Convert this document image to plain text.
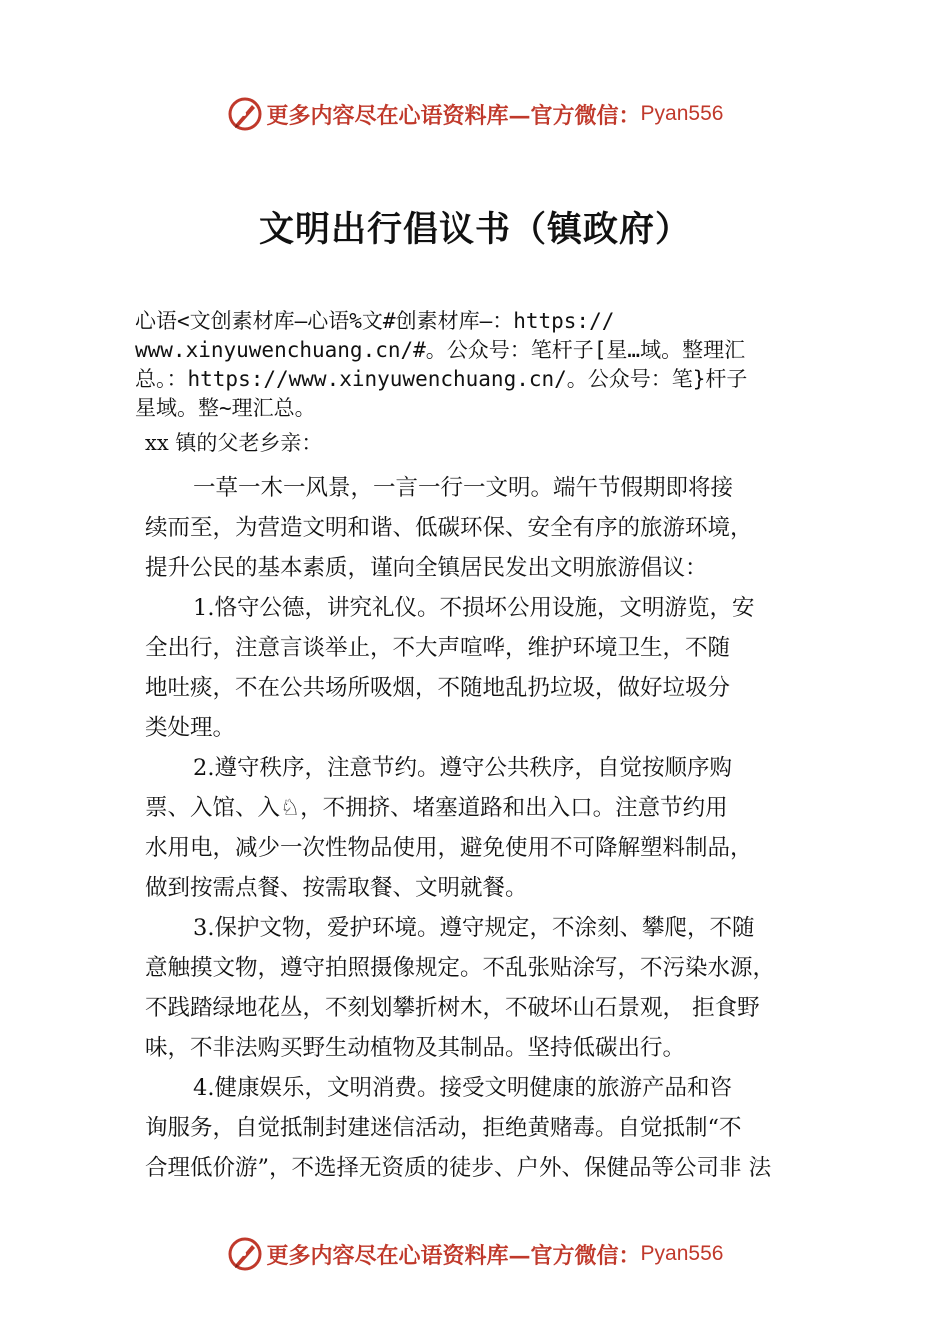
更多内容尽在心语资料库—官方微信： Pyan556
文明出行倡议书（镇政府）
心语<文创素材库—心语%文#创素材库—：https://
www.xinyuwenchuang.cn/#。公众号：笔杆子[星…域。整理汇
总。：https://www.xinyuwenchuang.cn/。公众号：笔}杆子
星域。整~理汇总。
xx 镇的父老乡亲：
一草一木一风景，一言一行一文明。端午节假期即将接
续而至，为营造文明和谐、低碳环保、安全有序的旅游环境，
提升公民的基本素质，谨向全镇居民发出文明旅游倡议：
1.恪守公德，讲究礼仪。不损坏公用设施，文明游览，安
全出行，注意言谈举止，不大声喧哗，维护环境卫生，不随
地吐痰，不在公共场所吸烟，不随地乱扔垃圾，做好垃圾分
类处理。
2.遵守秩序，注意节约。遵守公共秩序，自觉按顺序购
票、入馆、入♘，不拥挤、堵塞道路和出入口。注意节约用
水用电，减少一次性物品使用，避免使用不可降解塑料制品，
做到按需点餐、按需取餐、文明就餐。
3.保护文物，爱护环境。遵守规定，不涂刻、攀爬，不随
意触摸文物，遵守拍照摄像规定。不乱张贴涂写，不污染水源，
不践踏绿地花丛，不刻划攀折树木，不破坏山石景观， 拒食野
味，不非法购买野生动植物及其制品。坚持低碳出行。
4.健康娱乐，文明消费。接受文明健康的旅游产品和咨
询服务，自觉抵制封建迷信活动，拒绝黄赌毒。自觉抵制“不
合理低价游”，不选择无资质的徒步、户外、保健品等公司非 法
更多内容尽在心语资料库—官方微信： Pyan556
